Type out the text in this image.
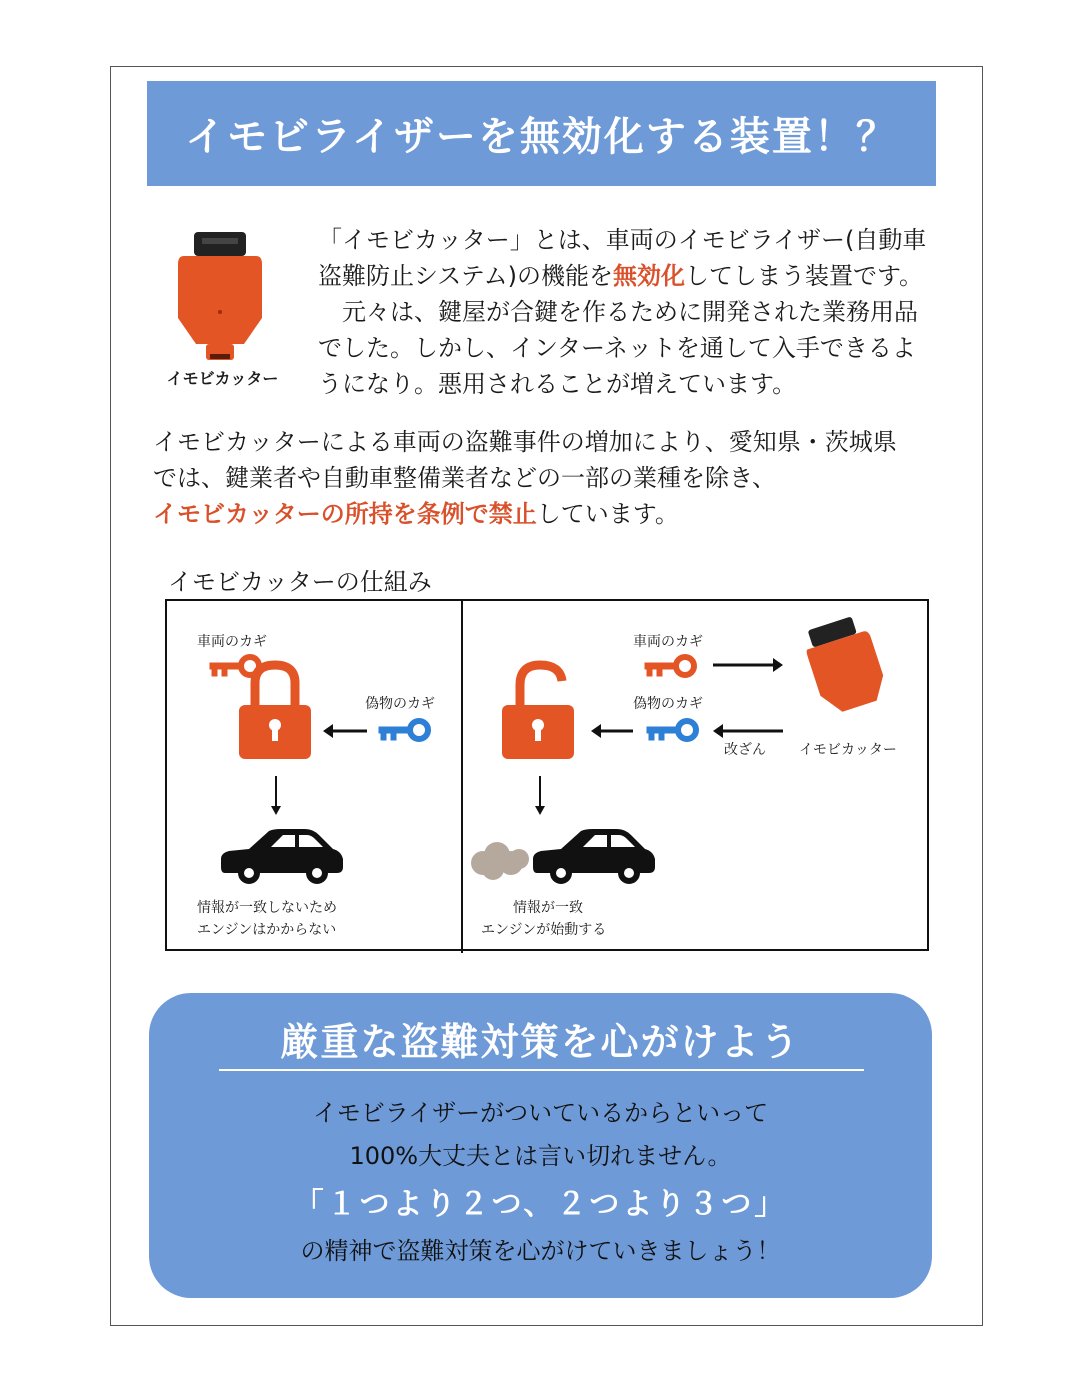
イモビライザーを無効化する装置！？
イモビカッター

「イモビカッター」とは、車両のイモビライザー(自動車

盗難防止システム)の機能を無効化してしまう装置です。

　元々は、鍵屋が合鍵を作るために開発された業務用品

でした。しかし、インターネットを通して入手できるよ

うになり。悪用されることが増えています。

イモビカッターによる車両の盗難事件の増加により、愛知県・茨城県

では、鍵業者や自動車整備業者などの一部の業種を除き、

イモビカッターの所持を条例で禁止しています。

イモビカッターの仕組み
車両のカギ
偽物のカギ
情報が一致しないため
エンジンはかからない
車両のカギ
偽物のカギ
改ざん イモビカッター
情報が一致
エンジンが始動する
厳重な盗難対策を心がけよう
イモビライザーがついているからといって
100%大丈夫とは言い切れません。
「１つより２つ、２つより３つ」
の精神で盗難対策を心がけていきましょう！
